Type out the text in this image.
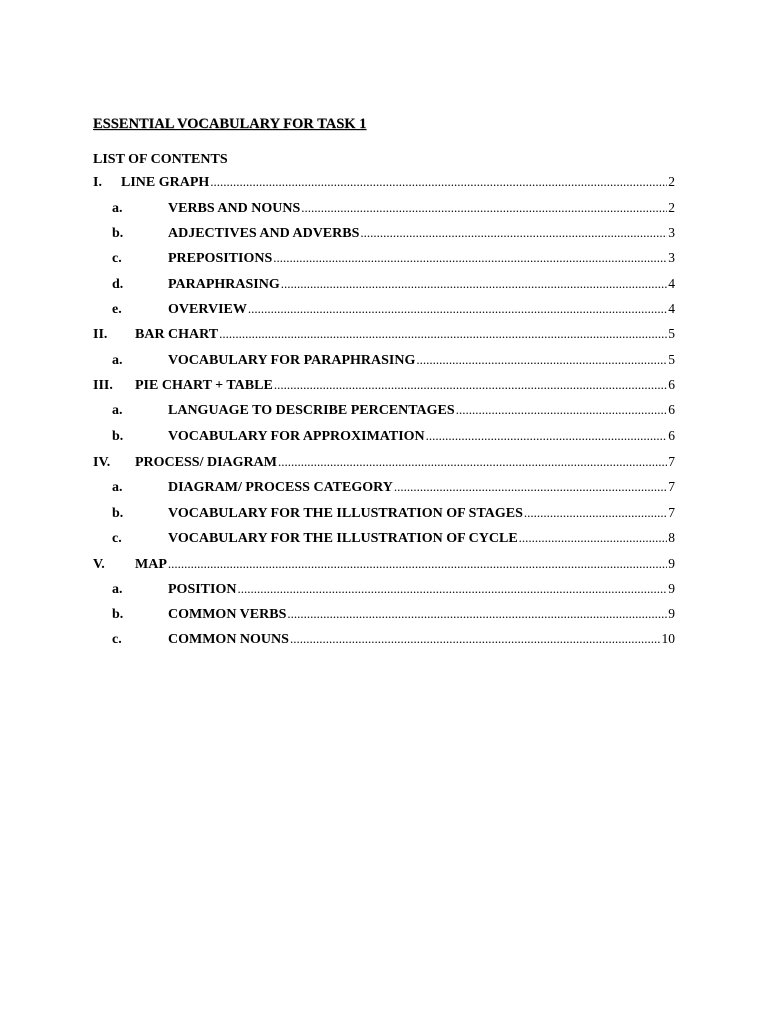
ESSENTIAL VOCABULARY FOR TASK 1
LIST OF CONTENTS
I.	LINE GRAPH .....	2
a.	VERBS AND NOUNS .....	2
b.	ADJECTIVES AND ADVERBS .....	3
c.	PREPOSITIONS .....	3
d.	PARAPHRASING .....	4
e.	OVERVIEW .....	4
II.	BAR CHART .....	5
a.	VOCABULARY FOR PARAPHRASING .....	5
III.	PIE CHART + TABLE .....	6
a.	LANGUAGE TO DESCRIBE PERCENTAGES .....	6
b.	VOCABULARY FOR APPROXIMATION .....	6
IV.	PROCESS/ DIAGRAM .....	7
a.	DIAGRAM/ PROCESS CATEGORY .....	7
b.	VOCABULARY FOR THE ILLUSTRATION OF STAGES .....	7
c.	VOCABULARY FOR THE ILLUSTRATION OF CYCLE .....	8
V.	MAP .....	9
a.	POSITION .....	9
b.	COMMON VERBS .....	9
c.	COMMON NOUNS .....	10
